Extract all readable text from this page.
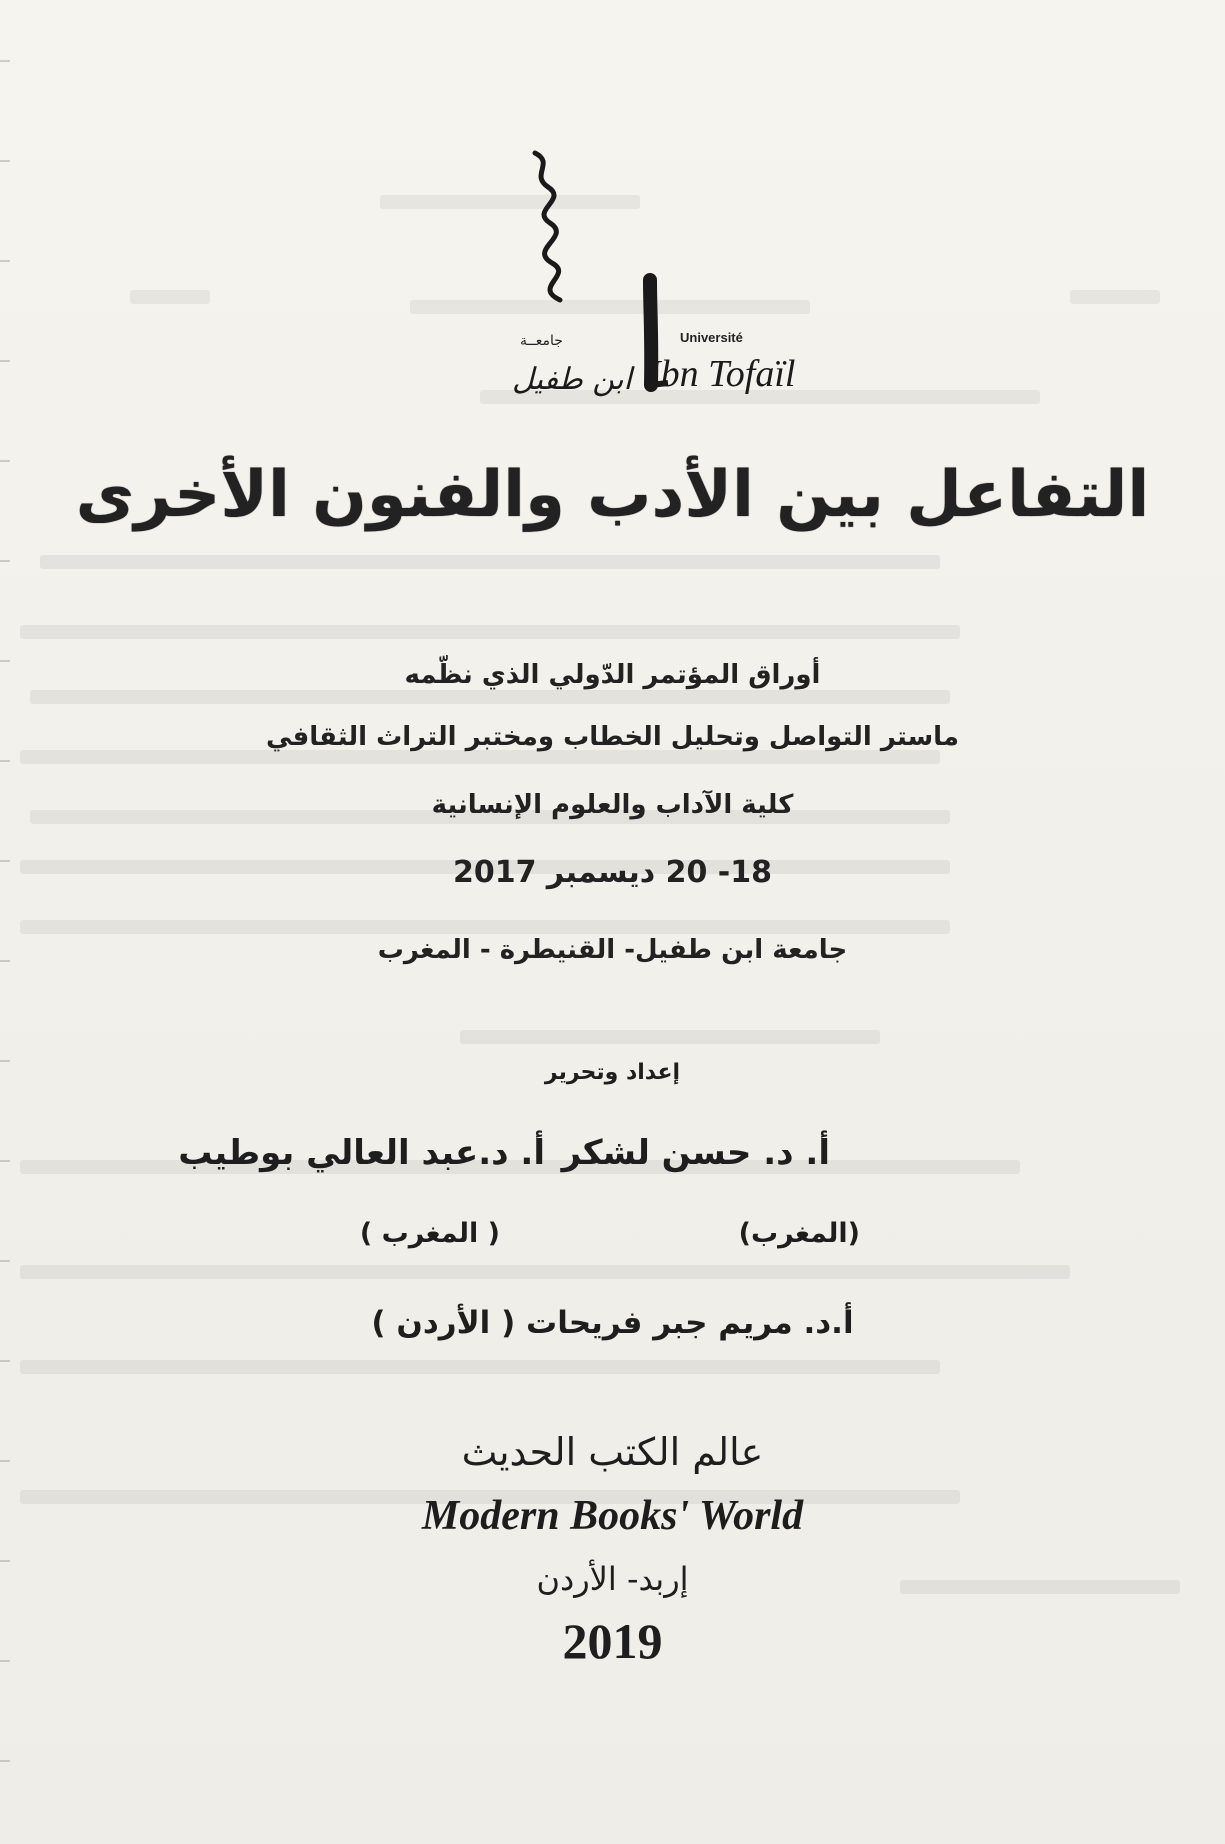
Université
جامعــة
Ibn Tofaïl
ابن طفيل
التفاعل بين الأدب والفنون الأخرى
أوراق المؤتمر الدّولي الذي نظّمه
ماستر التواصل وتحليل الخطاب ومختبر التراث الثقافي
كلية الآداب والعلوم الإنسانية
18- 20 ديسمبر 2017
جامعة ابن طفيل- القنيطرة - المغرب
إعداد وتحرير
أ. د. حسن لشكر
أ. د.عبد العالي بوطيب
(المغرب)
( المغرب )
أ.د. مريم جبر فريحات ( الأردن )
عالم الكتب الحديث
Modern Books' World
إربد- الأردن
2019
